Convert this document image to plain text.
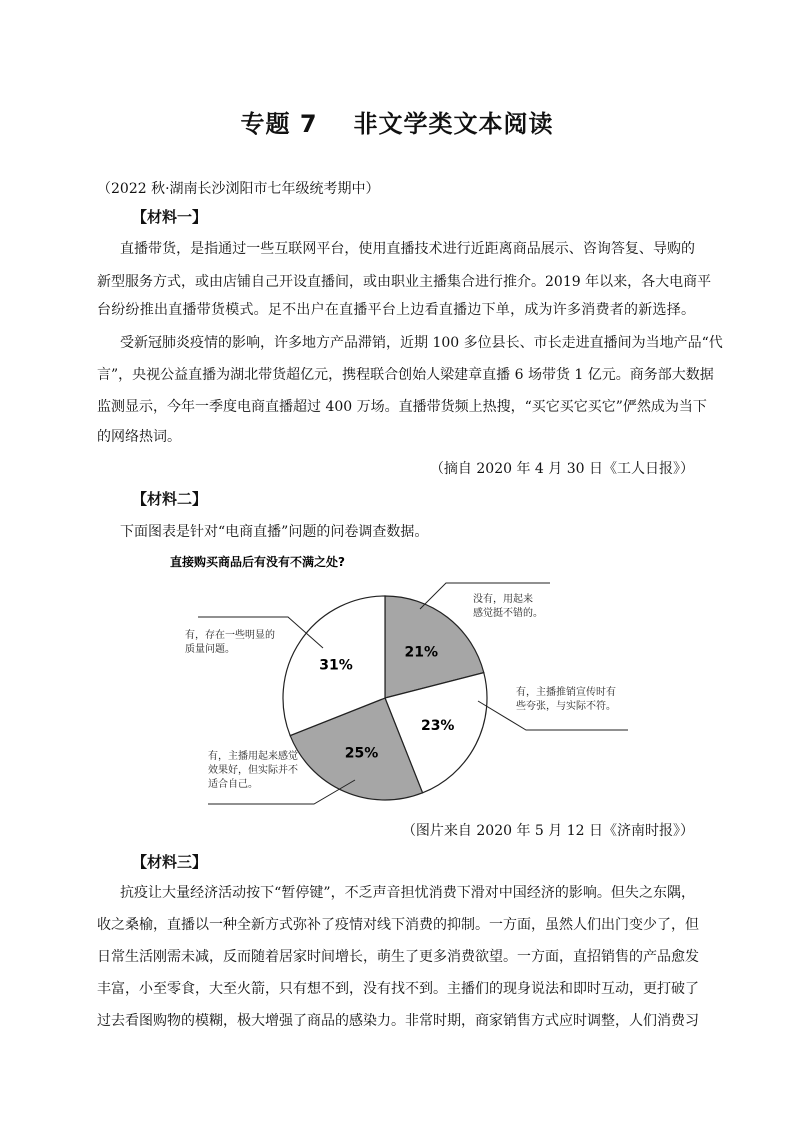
专题 7 非文学类文本阅读
（2022 秋·湖南长沙浏阳市七年级统考期中）
【材料一】
直播带货，是指通过一些互联网平台，使用直播技术进行近距离商品展示、咨询答复、导购的
新型服务方式，或由店铺自己开设直播间，或由职业主播集合进行推介。2019 年以来，各大电商平
台纷纷推出直播带货模式。足不出户在直播平台上边看直播边下单，成为许多消费者的新选择。
受新冠肺炎疫情的影响，许多地方产品滞销，近期 100 多位县长、市长走进直播间为当地产品“代
言”，央视公益直播为湖北带货超亿元，携程联合创始人梁建章直播 6 场带货 1 亿元。商务部大数据
监测显示，今年一季度电商直播超过 400 万场。直播带货频上热搜，“买它买它买它”俨然成为当下
的网络热词。
（摘自 2020 年 4 月 30 日《工人日报》）
【材料二】
下面图表是针对“电商直播”问题的问卷调查数据。
直接购买商品后有没有不满之处?
21%
23%
25%
31%
没有，用起来
感觉挺不错的。
有，主播推销宣传时有
些夸张，与实际不符。
有，主播用起来感觉
效果好，但实际并不
适合自己。
有，存在一些明显的
质量问题。
（图片来自 2020 年 5 月 12 日《济南时报》）
【材料三】
抗疫让大量经济活动按下“暂停键”，不乏声音担忧消费下滑对中国经济的影响。但失之东隅，
收之桑榆，直播以一种全新方式弥补了疫情对线下消费的抑制。一方面，虽然人们出门变少了，但
日常生活刚需未减，反而随着居家时间增长，萌生了更多消费欲望。一方面，直招销售的产品愈发
丰富，小至零食，大至火箭，只有想不到，没有找不到。主播们的现身说法和即时互动，更打破了
过去看图购物的模糊，极大增强了商品的感染力。非常时期，商家销售方式应时调整，人们消费习
